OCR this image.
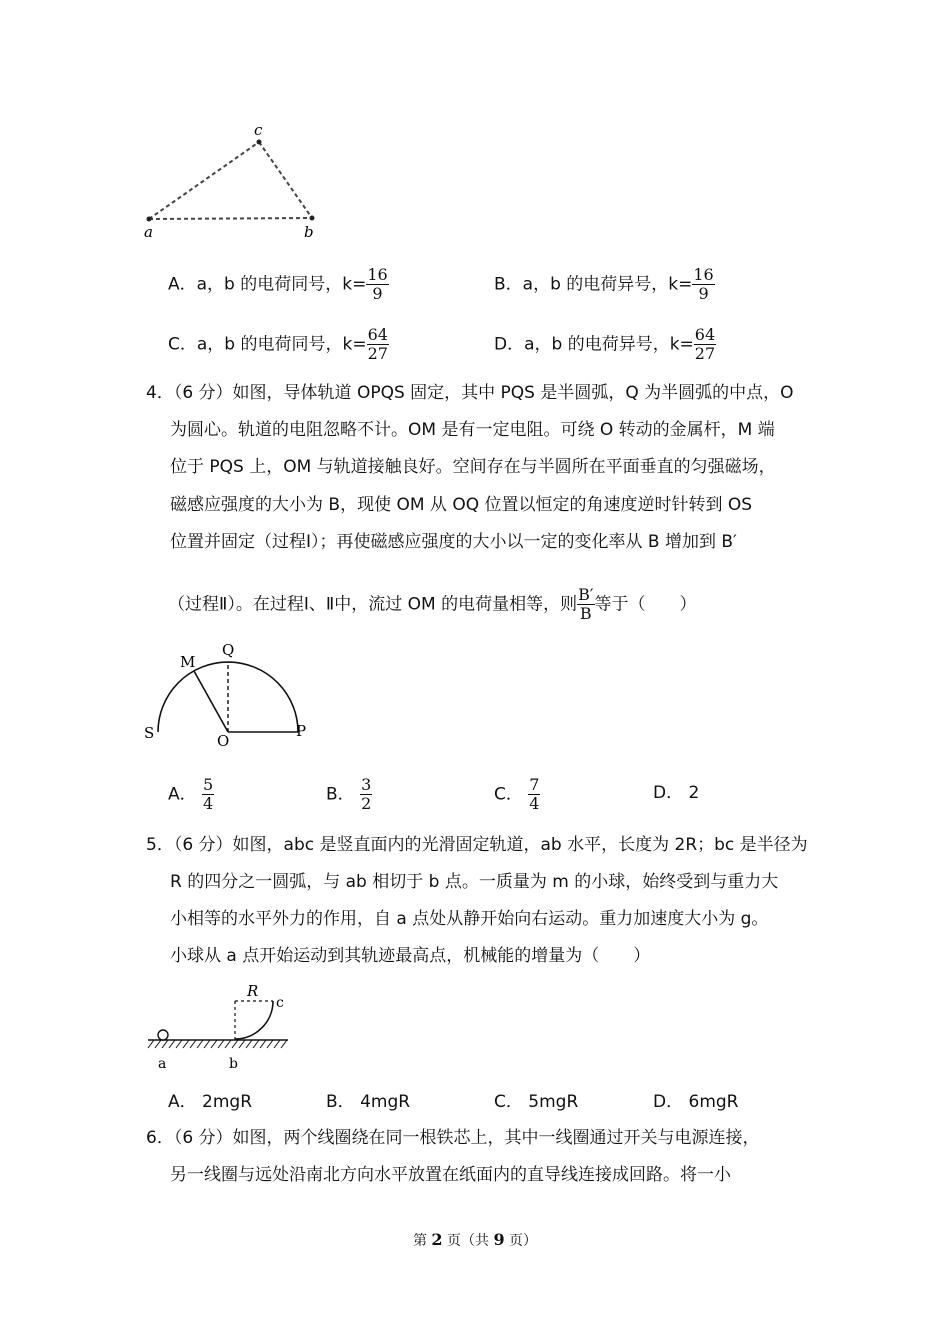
a
c
b
A．a，b 的电荷同号，$k= \frac{16}{9}$	B．a，b 的电荷异号，$k= \frac{16}{9}$
C．a，b 的电荷同号，$k= \frac{64}{27}$	D．a，b 的电荷异号，$k= \frac{64}{27}$
4．（6 分）如图，导体轨道 OPQS 固定，其中 PQS 是半圆弧，Q 为半圆弧的中点，O
为圆心。轨道的电阻忽略不计。OM 是有一定电阻。可绕 O 转动的金属杆，M 端
位于 PQS 上，OM 与轨道接触良好。空间存在与半圆所在平面垂直的匀强磁场，
磁感应强度的大小为 B，现使 OM 从 OQ 位置以恒定的角速度逆时针转到 OS
位置并固定（过程Ⅰ）；再使磁感应强度的大小以一定的变化率从 B 增加到 B′
（过程Ⅱ）。在过程Ⅰ、Ⅱ中，流过 OM 的电荷量相等，则 $\frac{B'}{B}$ 等于（　　）
M
Q
S	O
P
A． $\frac{5}{4}$	B． $\frac{3}{2}$	C． $\frac{7}{4}$	D． 2
5．（6 分）如图，abc 是竖直面内的光滑固定轨道，ab 水平，长度为 2R；bc 是半径为
R 的四分之一圆弧，与 ab 相切于 b 点。一质量为 m 的小球，始终受到与重力大
小相等的水平外力的作用，自 a 点处从静开始向右运动。重力加速度大小为 g。
小球从 a 点开始运动到其轨迹最高点，机械能的增量为（　　）
R
c
a	b
A． 2mgR	B． 4mgR	C． 5mgR	D． 6mgR
6．（6 分）如图，两个线圈绕在同一根铁芯上，其中一线圈通过开关与电源连接，
另一线圈与远处沿南北方向水平放置在纸面内的直导线连接成回路。将一小
第 2 页（共 9 页）
